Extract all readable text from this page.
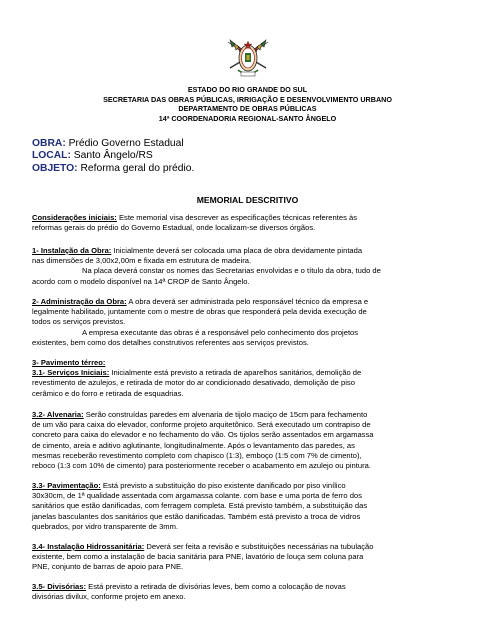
ESTADO DO RIO GRANDE DO SUL
SECRETARIA DAS OBRAS PÚBLICAS, IRRIGAÇÃO E DESENVOLVIMENTO URBANO
DEPARTAMENTO DE OBRAS PÚBLICAS
14ª COORDENADORIA REGIONAL-SANTO ÂNGELO
OBRA: Prédio Governo Estadual
LOCAL: Santo Ângelo/RS
OBJETO: Reforma geral do prédio.
MEMORIAL DESCRITIVO
Considerações iniciais: Este memorial visa descrever as especificações técnicas referentes às
reformas gerais do prédio do Governo Estadual, onde localizam-se diversos órgãos.
1- Instalação da Obra: Inicialmente deverá ser colocada uma placa de obra devidamente pintada
nas dimensões de 3,00x2,00m e fixada em estrutura de madeira.
Na placa deverá constar os nomes das Secretarias envolvidas e o título da obra, tudo de
acordo com o modelo disponível na 14ª CROP de Santo Ângelo.
2- Administração da Obra: A obra deverá ser administrada pelo responsável técnico da empresa e
legalmente habilitado, juntamente com o mestre de obras que responderá pela devida execução de
todos os serviços previstos.
A empresa executante das obras é a responsável pelo conhecimento dos projetos
existentes, bem como dos detalhes construtivos referentes aos serviços previstos.
3- Pavimento térreo:
3.1- Serviços Iniciais: Inicialmente está previsto a retirada de aparelhos sanitários, demolição de
revestimento de azulejos, e retirada de motor do ar condicionado desativado, demolição de piso
cerâmico e do forro e retirada de esquadrias.
3.2- Alvenaria: Serão construídas paredes em alvenaria de tijolo maciço de 15cm para fechamento
de um vão para caixa do elevador, conforme projeto arquitetônico. Será executado um contrapiso de
concreto para caixa do elevador e no fechamento do vão. Os tijolos serão assentados em argamassa
de cimento, areia e aditivo aglutinante, longitudinalmente. Após o levantamento das paredes, as
mesmas receberão revestimento completo com chapisco (1:3), emboço (1:5 com 7% de cimento),
reboco (1:3 com 10% de cimento) para posteriormente receber o acabamento em azulejo ou pintura.
3.3- Pavimentação: Está previsto a substituição do piso existente danificado por piso vinílico
30x30cm, de 1ª qualidade assentada com argamassa colante. com base e uma porta de ferro dos
sanitários que estão danificadas, com ferragem completa. Está previsto também, a substituição das
janelas basculantes dos sanitários que estão danificadas. Também está previsto a troca de vidros
quebrados, por vidro transparente de 3mm.
3.4- Instalação Hidrossanitária: Deverá ser feita a revisão e substituições necessárias na tubulação
existente, bem como a instalação de bacia sanitária para PNE, lavatório de louça sem coluna para
PNE, conjunto de barras de apoio para PNE.
3.5- Divisórias: Está previsto a retirada de divisórias leves, bem como a colocação de novas
divisórias divilux, conforme projeto em anexo.
